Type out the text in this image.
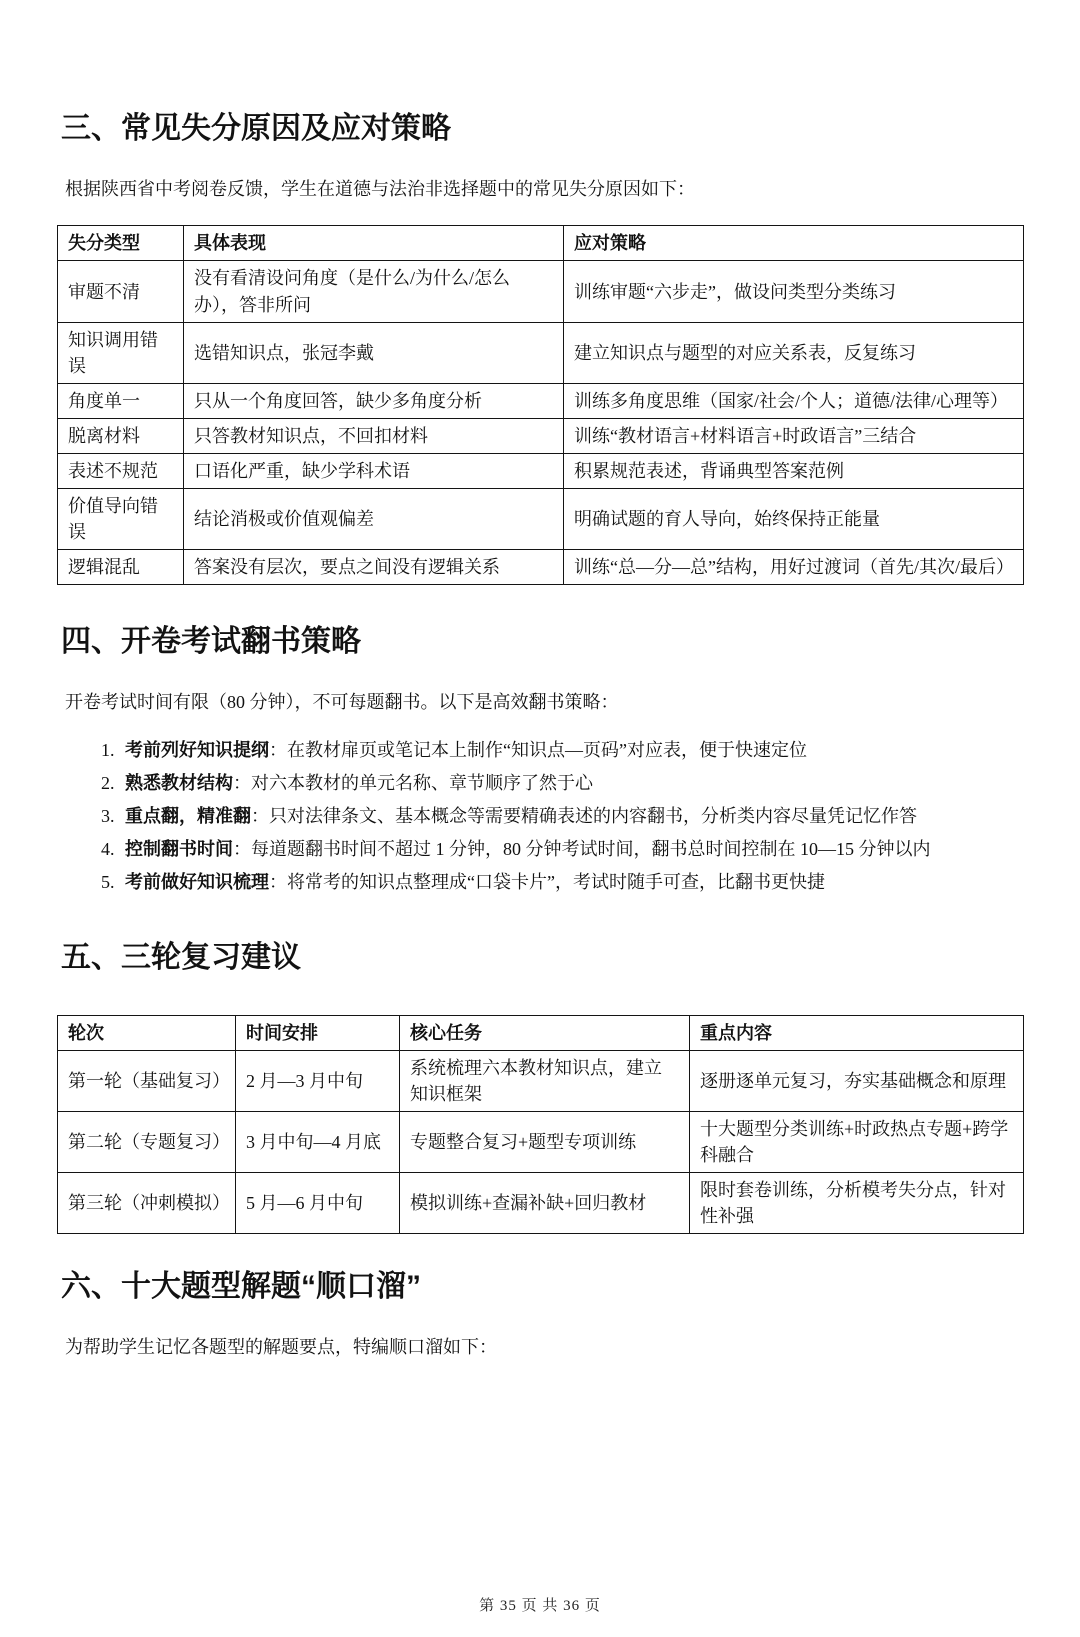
三、常见失分原因及应对策略

根据陕西省中考阅卷反馈，学生在道德与法治非选择题中的常见失分原因如下：

失分类型	具体表现	应对策略
审题不清	没有看清设问角度（是什么/为什么/怎么办），答非所问	训练审题“六步走”，做设问类型分类练习
知识调用错误	选错知识点，张冠李戴	建立知识点与题型的对应关系表，反复练习
角度单一	只从一个角度回答，缺少多角度分析	训练多角度思维（国家/社会/个人；道德/法律/心理等）
脱离材料	只答教材知识点，不回扣材料	训练“教材语言+材料语言+时政语言”三结合
表述不规范	口语化严重，缺少学科术语	积累规范表述，背诵典型答案范例
价值导向错误	结论消极或价值观偏差	明确试题的育人导向，始终保持正能量
逻辑混乱	答案没有层次，要点之间没有逻辑关系	训练“总—分—总”结构，用好过渡词（首先/其次/最后）
四、开卷考试翻书策略

开卷考试时间有限（80 分钟），不可每题翻书。以下是高效翻书策略：

1. 考前列好知识提纲：在教材扉页或笔记本上制作“知识点—页码”对应表，便于快速定位
2. 熟悉教材结构：对六本教材的单元名称、章节顺序了然于心
3. 重点翻，精准翻：只对法律条文、基本概念等需要精确表述的内容翻书，分析类内容尽量凭记忆作答
4. 控制翻书时间：每道题翻书时间不超过 1 分钟，80 分钟考试时间，翻书总时间控制在 10—15 分钟以内
5. 考前做好知识梳理：将常考的知识点整理成“口袋卡片”，考试时随手可查，比翻书更快捷
五、三轮复习建议
轮次	时间安排	核心任务	重点内容
第一轮（基础复习）	2 月—3 月中旬	系统梳理六本教材知识点，建立知识框架	逐册逐单元复习，夯实基础概念和原理
第二轮（专题复习）	3 月中旬—4 月底	专题整合复习+题型专项训练	十大题型分类训练+时政热点专题+跨学科融合
第三轮（冲刺模拟）	5 月—6 月中旬	模拟训练+查漏补缺+回归教材	限时套卷训练，分析模考失分点，针对性补强
六、十大题型解题“顺口溜”

为帮助学生记忆各题型的解题要点，特编顺口溜如下：

第 35 页 共 36 页
